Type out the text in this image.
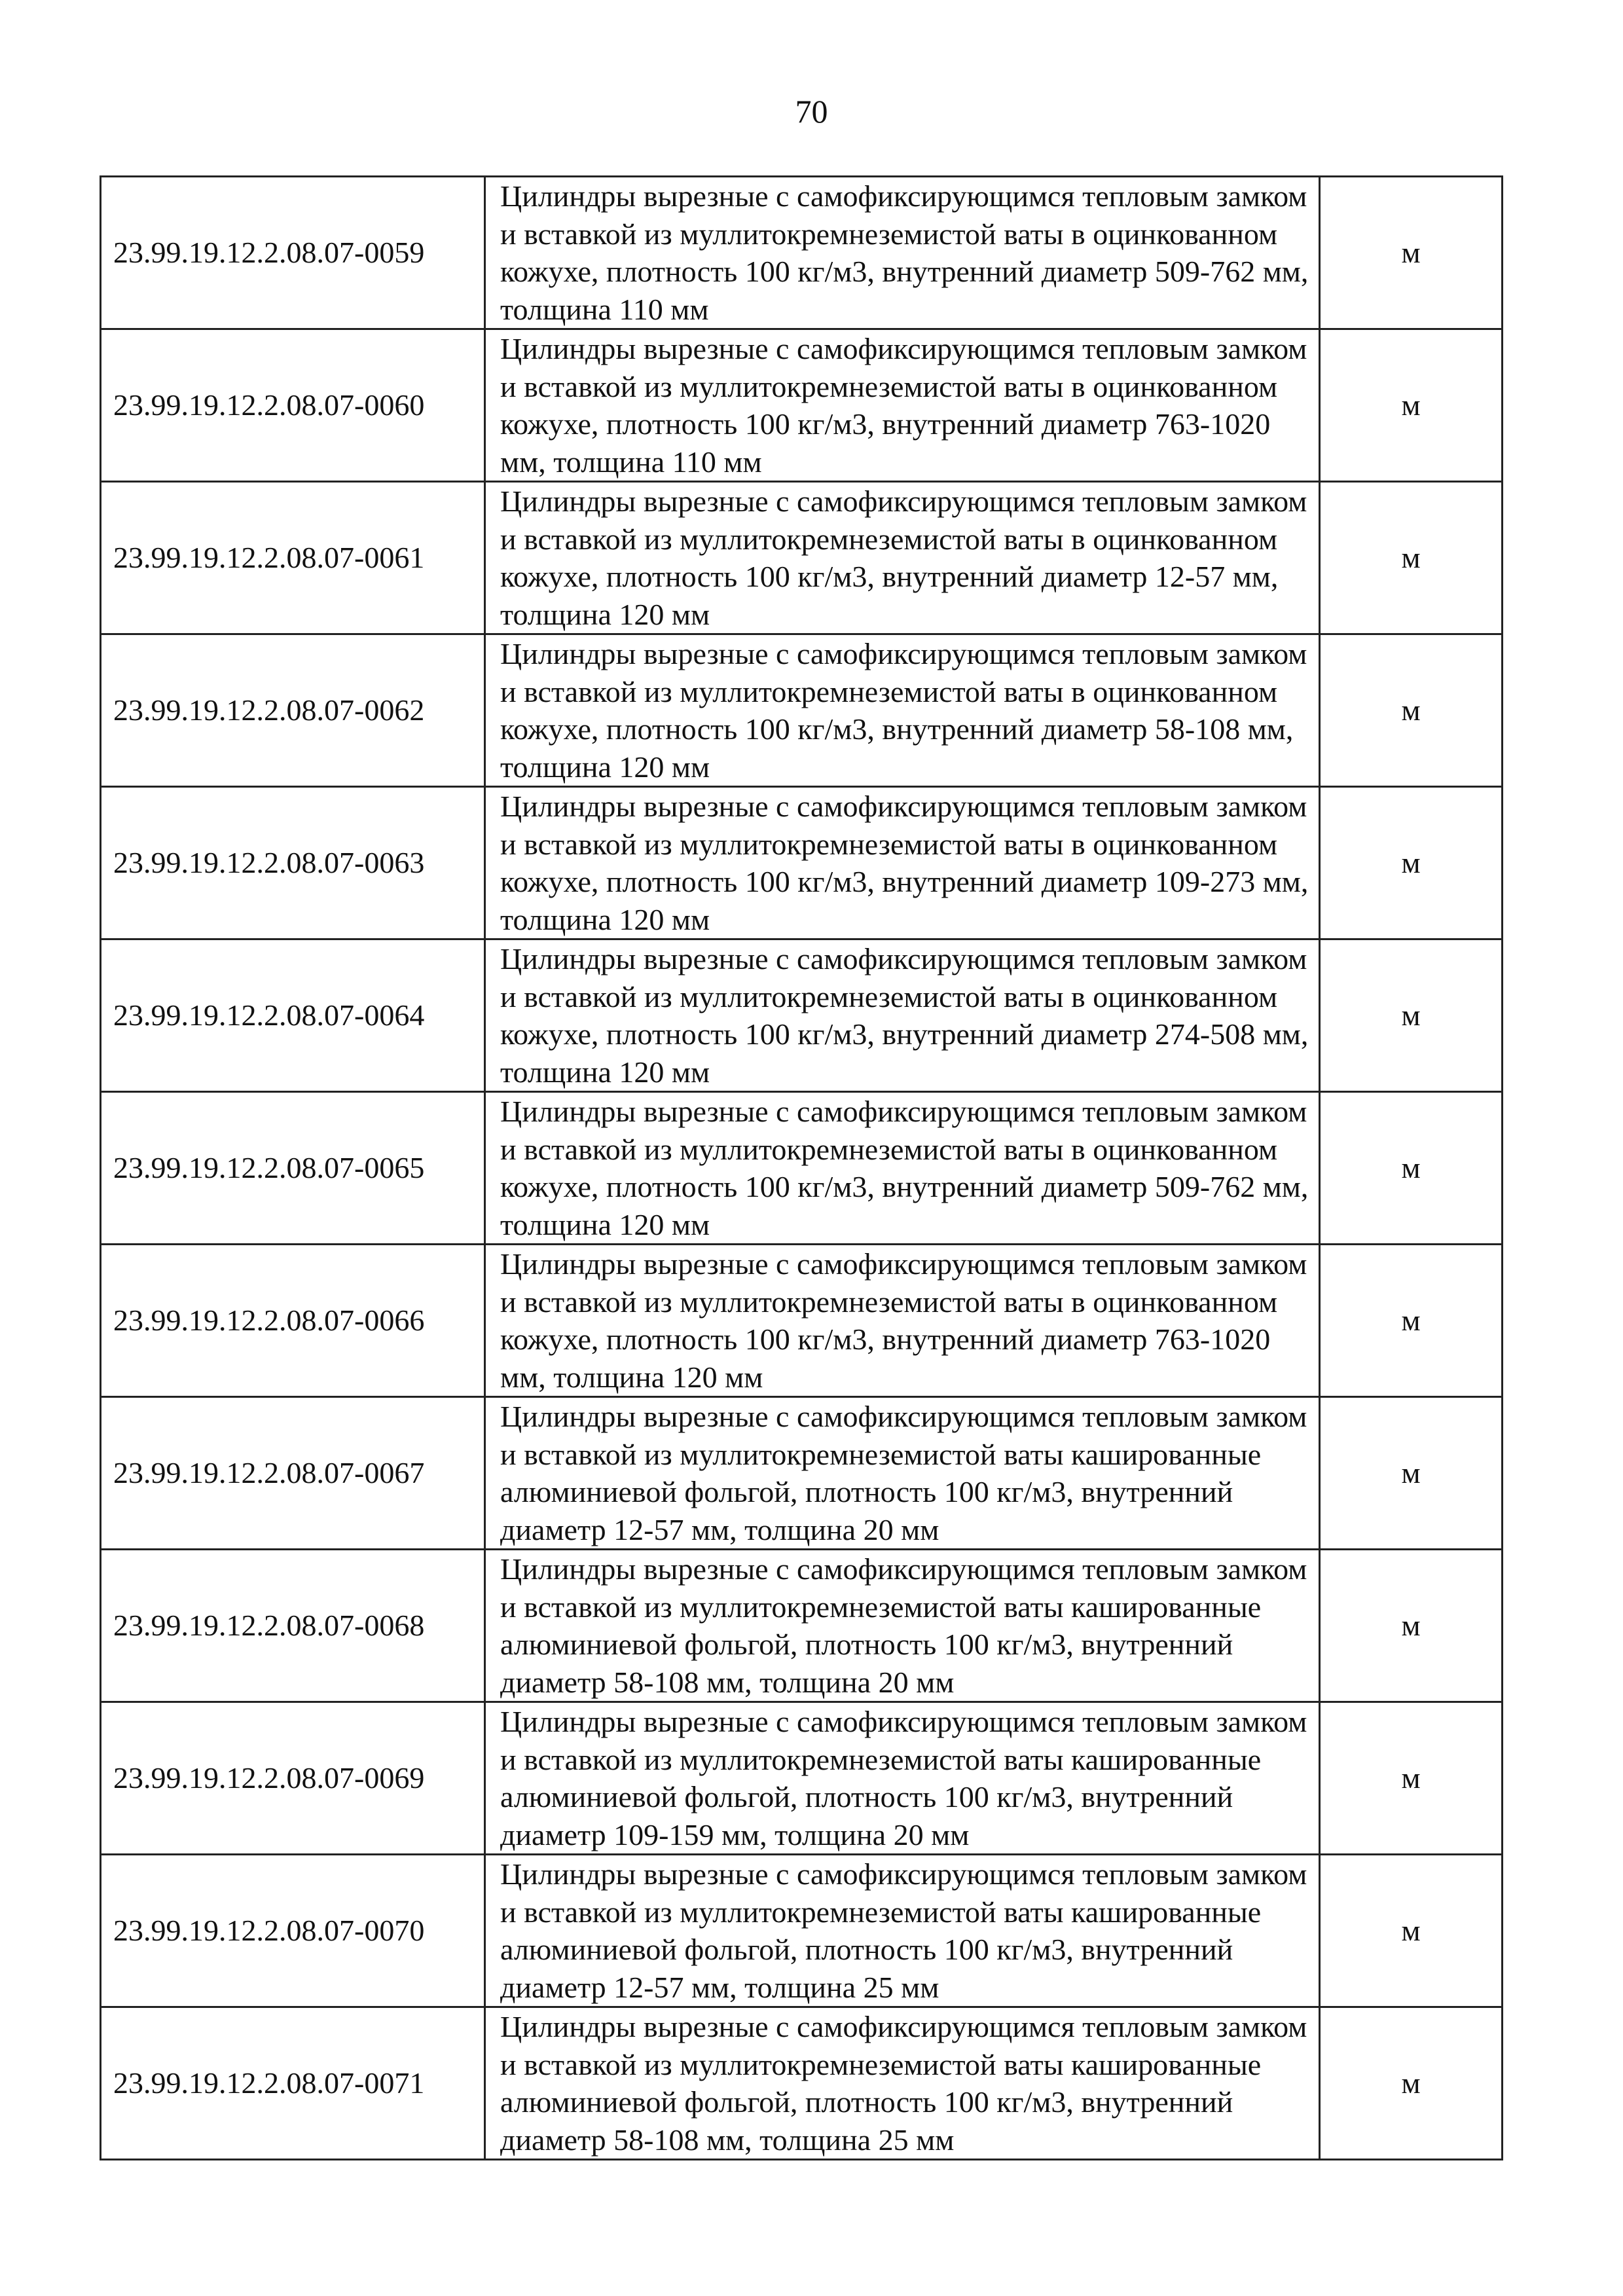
70
23.99.19.12.2.08.07-0059	Цилиндры вырезные с самофиксирующимся тепловым замком и вставкой из муллитокремнеземистой ваты в оцинкованном кожухе, плотность 100 кг/м3, внутренний диаметр 509-762 мм, толщина 110 мм	м
23.99.19.12.2.08.07-0060	Цилиндры вырезные с самофиксирующимся тепловым замком и вставкой из муллитокремнеземистой ваты в оцинкованном кожухе, плотность 100 кг/м3, внутренний диаметр 763-1020 мм, толщина 110 мм	м
23.99.19.12.2.08.07-0061	Цилиндры вырезные с самофиксирующимся тепловым замком и вставкой из муллитокремнеземистой ваты в оцинкованном кожухе, плотность 100 кг/м3, внутренний диаметр 12-57 мм, толщина 120 мм	м
23.99.19.12.2.08.07-0062	Цилиндры вырезные с самофиксирующимся тепловым замком и вставкой из муллитокремнеземистой ваты в оцинкованном кожухе, плотность 100 кг/м3, внутренний диаметр 58-108 мм, толщина 120 мм	м
23.99.19.12.2.08.07-0063	Цилиндры вырезные с самофиксирующимся тепловым замком и вставкой из муллитокремнеземистой ваты в оцинкованном кожухе, плотность 100 кг/м3, внутренний диаметр 109-273 мм, толщина 120 мм	м
23.99.19.12.2.08.07-0064	Цилиндры вырезные с самофиксирующимся тепловым замком и вставкой из муллитокремнеземистой ваты в оцинкованном кожухе, плотность 100 кг/м3, внутренний диаметр 274-508 мм, толщина 120 мм	м
23.99.19.12.2.08.07-0065	Цилиндры вырезные с самофиксирующимся тепловым замком и вставкой из муллитокремнеземистой ваты в оцинкованном кожухе, плотность 100 кг/м3, внутренний диаметр 509-762 мм, толщина 120 мм	м
23.99.19.12.2.08.07-0066	Цилиндры вырезные с самофиксирующимся тепловым замком и вставкой из муллитокремнеземистой ваты в оцинкованном кожухе, плотность 100 кг/м3, внутренний диаметр 763-1020 мм, толщина 120 мм	м
23.99.19.12.2.08.07-0067	Цилиндры вырезные с самофиксирующимся тепловым замком и вставкой из муллитокремнеземистой ваты кашированные алюминиевой фольгой, плотность 100 кг/м3, внутренний диаметр 12-57 мм, толщина 20 мм	м
23.99.19.12.2.08.07-0068	Цилиндры вырезные с самофиксирующимся тепловым замком и вставкой из муллитокремнеземистой ваты кашированные алюминиевой фольгой, плотность 100 кг/м3, внутренний диаметр 58-108 мм, толщина 20 мм	м
23.99.19.12.2.08.07-0069	Цилиндры вырезные с самофиксирующимся тепловым замком и вставкой из муллитокремнеземистой ваты кашированные алюминиевой фольгой, плотность 100 кг/м3, внутренний диаметр 109-159 мм, толщина 20 мм	м
23.99.19.12.2.08.07-0070	Цилиндры вырезные с самофиксирующимся тепловым замком и вставкой из муллитокремнеземистой ваты кашированные алюминиевой фольгой, плотность 100 кг/м3, внутренний диаметр 12-57 мм, толщина 25 мм	м
23.99.19.12.2.08.07-0071	Цилиндры вырезные с самофиксирующимся тепловым замком и вставкой из муллитокремнеземистой ваты кашированные алюминиевой фольгой, плотность 100 кг/м3, внутренний диаметр 58-108 мм, толщина 25 мм	м
